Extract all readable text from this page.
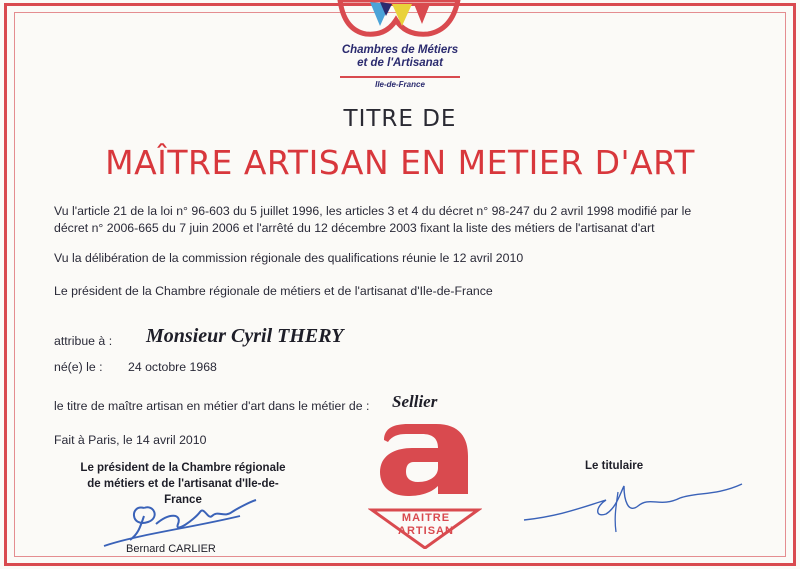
Chambres de Métiers
et de l'Artisanat
Ile-de-France
TITRE DE
MAÎTRE ARTISAN EN METIER D'ART
Vu l'article 21 de la loi n° 96-603 du 5 juillet 1996, les articles 3 et 4 du décret n° 98-247 du 2 avril 1998 modifié par le
décret n° 2006-665 du 7 juin 2006 et l'arrêté du 12 décembre 2003 fixant la liste des métiers de l'artisanat d'art
Vu la délibération de la commission régionale des qualifications réunie le 12 avril 2010
Le président de la Chambre régionale de métiers et de l'artisanat d'Ile-de-France
attribue à : Monsieur Cyril THERY
né(e) le : 24 octobre 1968
le titre de maître artisan en métier d'art dans le métier de : Sellier
Fait à Paris, le 14 avril 2010
Le président de la Chambre régionale
de métiers et de l'artisanat d'Ile-de-
France
Bernard CARLIER
MAITRE
ARTISAN
Le titulaire
